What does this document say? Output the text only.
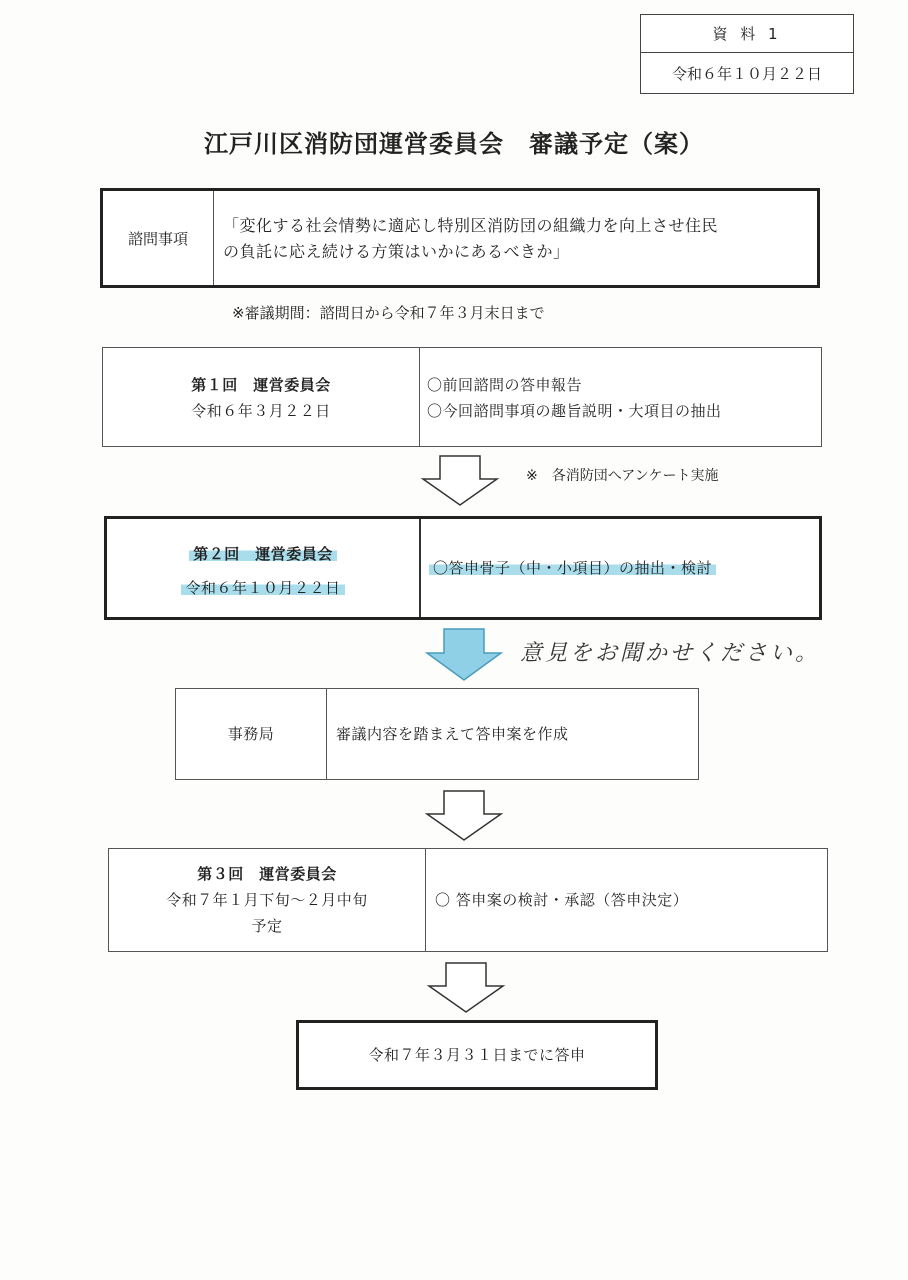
資 料 1
令和６年１０月２２日
江戸川区消防団運営委員会　審議予定（案）
諮問事項
「変化する社会情勢に適応し特別区消防団の組織力を向上させ住民
の負託に応え続ける方策はいかにあるべきか」
※審議期間：諮問日から令和７年３月末日まで
第１回　運営委員会
令和６年３月２２日
〇前回諮問の答申報告
〇今回諮問事項の趣旨説明・大項目の抽出
※　各消防団へアンケート実施
第２回　運営委員会
令和６年１０月２２日
〇答申骨子（中・小項目）の抽出・検討
意見をお聞かせください。
事務局	審議内容を踏まえて答申案を作成
第３回　運営委員会
令和７年１月下旬～２月中旬
予定
〇 答申案の検討・承認（答申決定）
令和７年３月３１日までに答申
